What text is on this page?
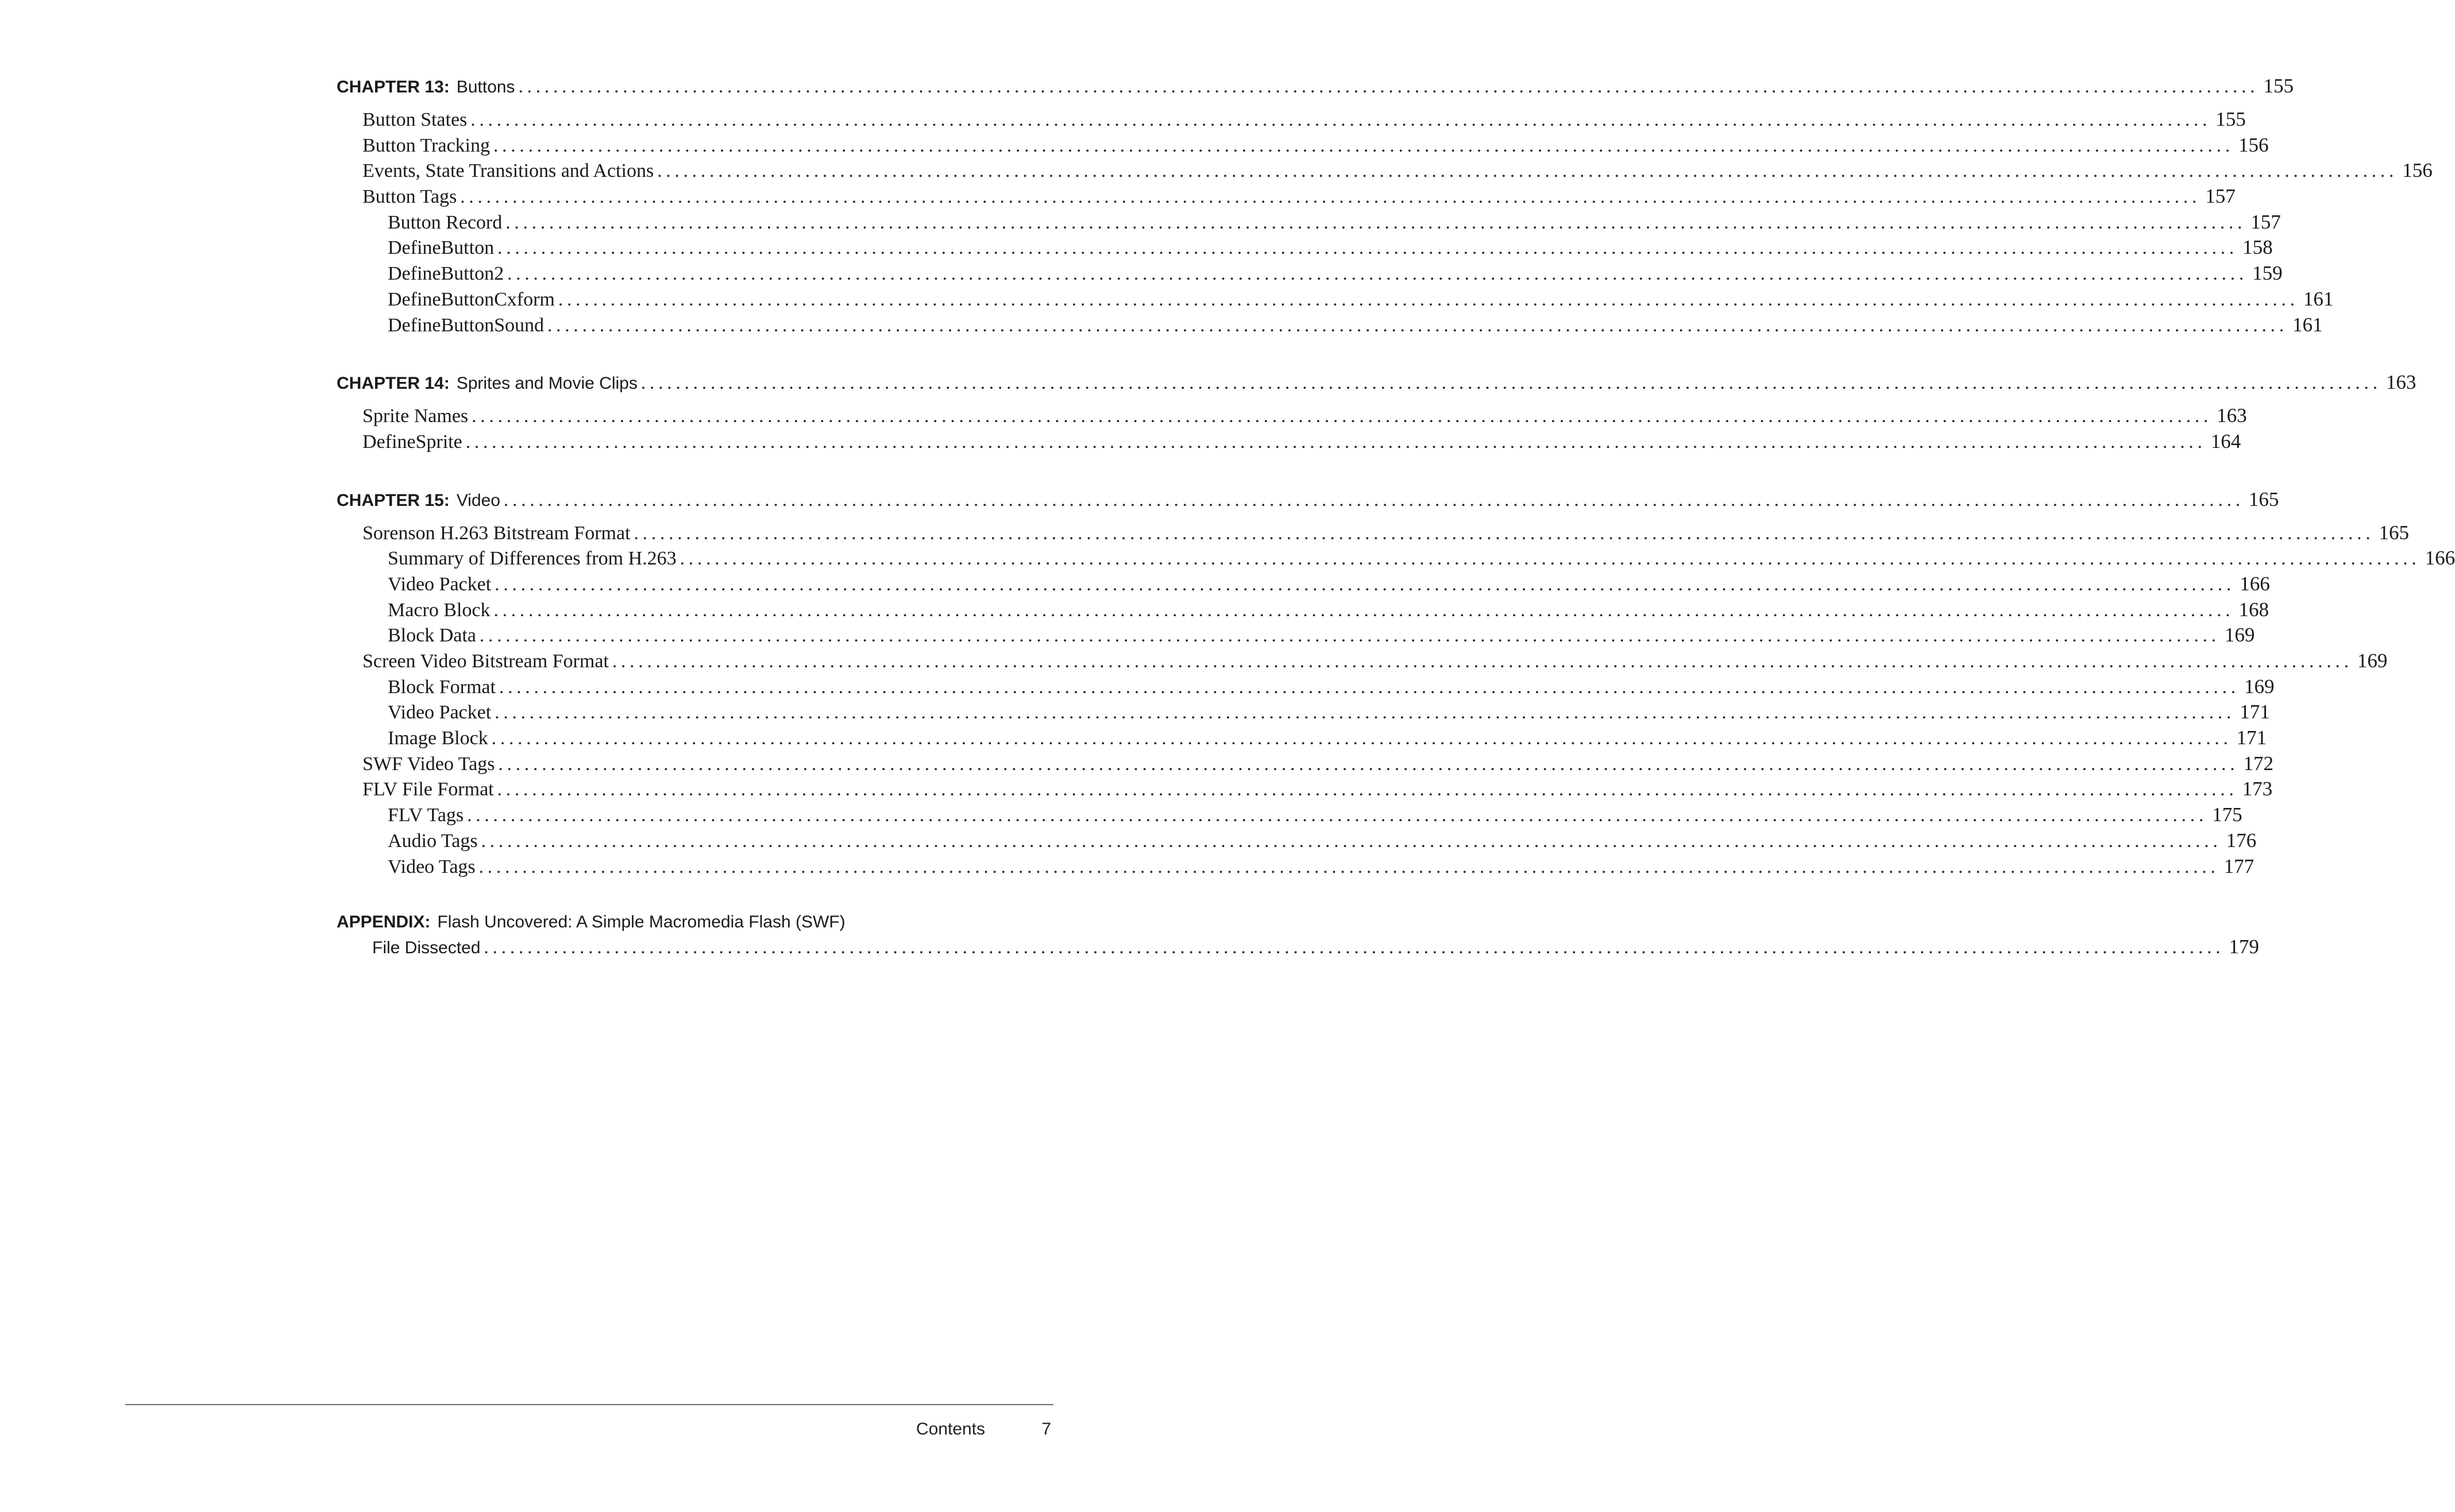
CHAPTER 13: Buttons ........................................................................................................................................................................................................ 155
Button States ........................................................................................................................................................................................................ 155
Button Tracking ........................................................................................................................................................................................................ 156
Events, State Transitions and Actions ........................................................................................................................................................................................................ 156
Button Tags ........................................................................................................................................................................................................ 157
Button Record ........................................................................................................................................................................................................ 157
DefineButton ........................................................................................................................................................................................................ 158
DefineButton2 ........................................................................................................................................................................................................ 159
DefineButtonCxform ........................................................................................................................................................................................................ 161
DefineButtonSound ........................................................................................................................................................................................................ 161
CHAPTER 14: Sprites and Movie Clips ........................................................................................................................................................................................................ 163
Sprite Names ........................................................................................................................................................................................................ 163
DefineSprite ........................................................................................................................................................................................................ 164
CHAPTER 15: Video ........................................................................................................................................................................................................ 165
Sorenson H.263 Bitstream Format ........................................................................................................................................................................................................ 165
Summary of Differences from H.263 ........................................................................................................................................................................................................ 166
Video Packet ........................................................................................................................................................................................................ 166
Macro Block ........................................................................................................................................................................................................ 168
Block Data ........................................................................................................................................................................................................ 169
Screen Video Bitstream Format ........................................................................................................................................................................................................ 169
Block Format ........................................................................................................................................................................................................ 169
Video Packet ........................................................................................................................................................................................................ 171
Image Block ........................................................................................................................................................................................................ 171
SWF Video Tags ........................................................................................................................................................................................................ 172
FLV File Format ........................................................................................................................................................................................................ 173
FLV Tags ........................................................................................................................................................................................................ 175
Audio Tags ........................................................................................................................................................................................................ 176
Video Tags ........................................................................................................................................................................................................ 177
APPENDIX: Flash Uncovered: A Simple Macromedia Flash (SWF)
File Dissected ........................................................................................................................................................................................................ 179
Contents	7
